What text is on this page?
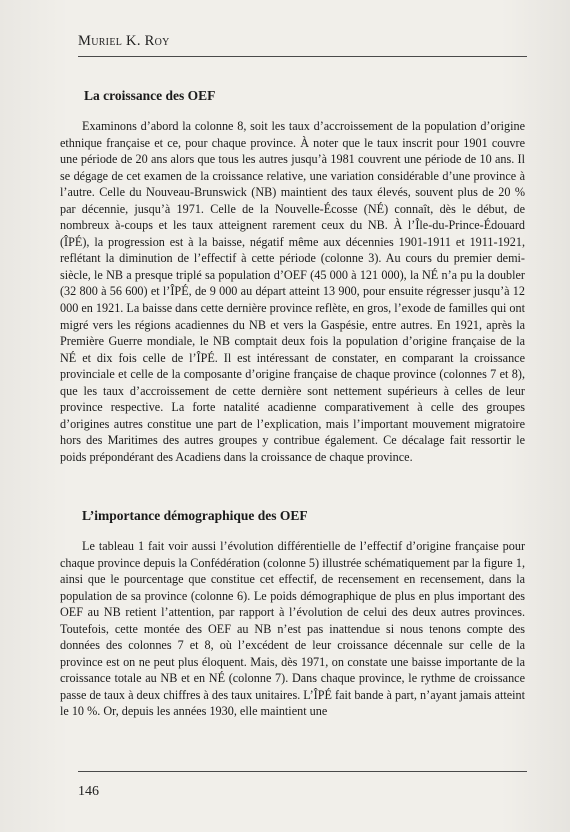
Muriel K. Roy
La croissance des OEF

Examinons d’abord la colonne 8, soit les taux d’accroissement de la population d’origine ethnique française et ce, pour chaque province. À noter que le taux inscrit pour 1901 couvre une période de 20 ans alors que tous les autres jusqu’à 1981 couvrent une période de 10 ans. Il se dégage de cet examen de la croissance relative, une variation considérable d’une province à l’autre. Celle du Nouveau-Brunswick (NB) maintient des taux élevés, souvent plus de 20 % par décennie, jusqu’à 1971. Celle de la Nouvelle-Écosse (NÉ) connaît, dès le début, de nombreux à-coups et les taux atteignent rarement ceux du NB. À l’Île-du-Prince-Édouard (ÎPÉ), la progression est à la baisse, négatif même aux décennies 1901-1911 et 1911-1921, reflétant la diminution de l’effectif à cette période (colonne 3). Au cours du premier demi-siècle, le NB a presque triplé sa population d’OEF (45 000 à 121 000), la NÉ n’a pu la doubler (32 800 à 56 600) et l’ÎPÉ, de 9 000 au départ atteint 13 900, pour ensuite régresser jusqu’à 12 000 en 1921. La baisse dans cette dernière province reflète, en gros, l’exode de familles qui ont migré vers les régions acadiennes du NB et vers la Gaspésie, entre autres. En 1921, après la Première Guerre mondiale, le NB comptait deux fois la population d’origine française de la NÉ et dix fois celle de l’ÎPÉ. Il est intéressant de constater, en comparant la croissance provinciale et celle de la composante d’origine française de chaque province (colonnes 7 et 8), que les taux d’accroissement de cette dernière sont nettement supérieurs à celles de leur province respective. La forte natalité acadienne comparativement à celle des groupes d’origines autres constitue une part de l’explication, mais l’important mouvement migratoire hors des Maritimes des autres groupes y contribue également. Ce décalage fait ressortir le poids prépondérant des Acadiens dans la croissance de chaque province.

L’importance démographique des OEF

Le tableau 1 fait voir aussi l’évolution différentielle de l’effectif d’origine française pour chaque province depuis la Confédération (colonne 5) illustrée schématiquement par la figure 1, ainsi que le pourcentage que constitue cet effectif, de recensement en recensement, dans la population de sa province (colonne 6). Le poids démographique de plus en plus important des OEF au NB retient l’attention, par rapport à l’évolution de celui des deux autres provinces. Toutefois, cette montée des OEF au NB n’est pas inattendue si nous tenons compte des données des colonnes 7 et 8, où l’excédent de leur croissance décennale sur celle de la province est on ne peut plus éloquent. Mais, dès 1971, on constate une baisse importante de la croissance totale au NB et en NÉ (colonne 7). Dans chaque province, le rythme de croissance passe de taux à deux chiffres à des taux unitaires. L’ÎPÉ fait bande à part, n’ayant jamais atteint le 10 %. Or, depuis les années 1930, elle maintient une

146
